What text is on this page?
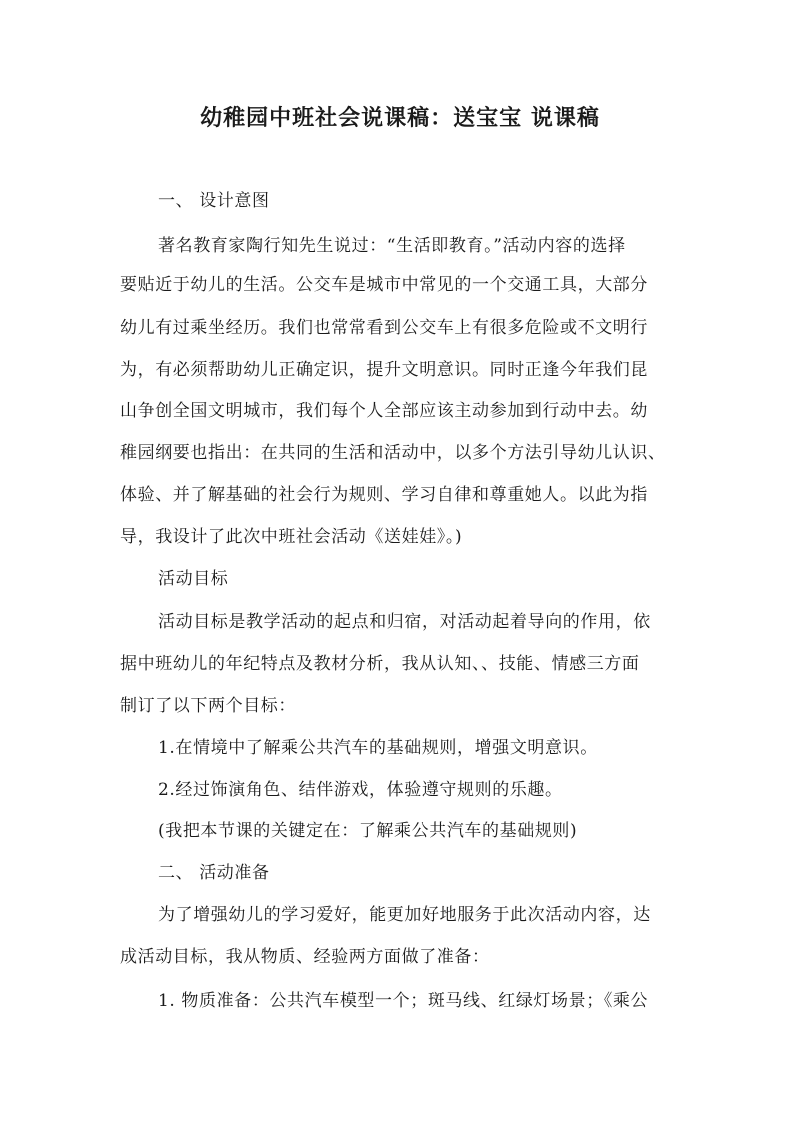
幼稚园中班社会说课稿：送宝宝 说课稿

一、 设计意图

著名教育家陶行知先生说过：“生活即教育。”活动内容的选择

要贴近于幼儿的生活。公交车是城市中常见的一个交通工具，大部分

幼儿有过乘坐经历。我们也常常看到公交车上有很多危险或不文明行

为，有必须帮助幼儿正确定识，提升文明意识。同时正逢今年我们昆

山争创全国文明城市，我们每个人全部应该主动参加到行动中去。幼

稚园纲要也指出：在共同的生活和活动中，以多个方法引导幼儿认识、

体验、并了解基础的社会行为规则、学习自律和尊重她人。以此为指

导，我设计了此次中班社会活动《送娃娃》。)

活动目标

活动目标是教学活动的起点和归宿，对活动起着导向的作用，依

据中班幼儿的年纪特点及教材分析，我从认知、、技能、情感三方面

制订了以下两个目标：

1.在情境中了解乘公共汽车的基础规则，增强文明意识。

2.经过饰演角色、结伴游戏，体验遵守规则的乐趣。

(我把本节课的关键定在：了解乘公共汽车的基础规则)

二、 活动准备

为了增强幼儿的学习爱好，能更加好地服务于此次活动内容，达

成活动目标，我从物质、经验两方面做了准备：

1. 物质准备：公共汽车模型一个；斑马线、红绿灯场景；《乘公
